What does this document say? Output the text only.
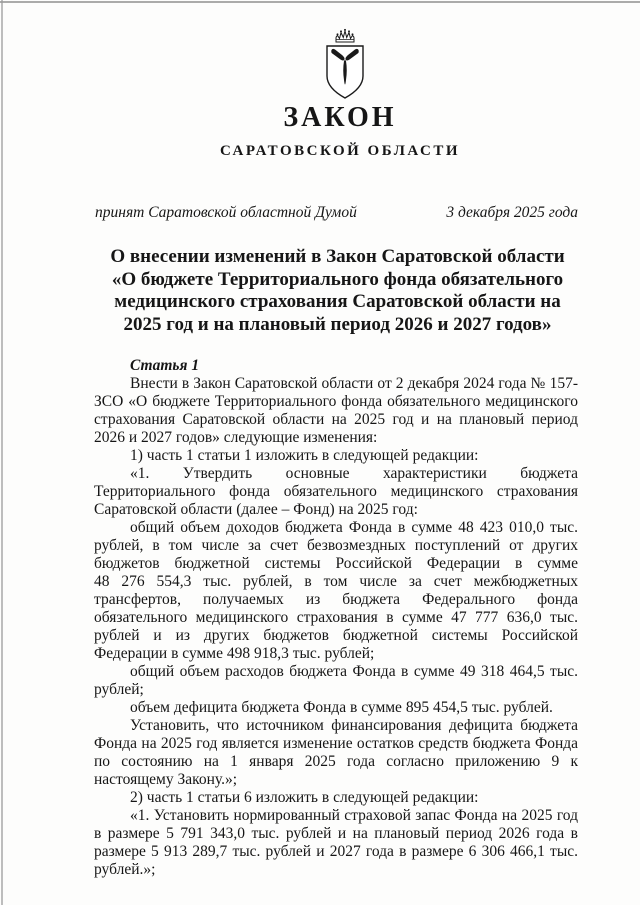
ЗАКОН
САРАТОВСКОЙ ОБЛАСТИ
принят Саратовской областной Думой	3 декабря 2025 года
О внесении изменений в Закон Саратовской области
«О бюджете Территориального фонда обязательного
медицинского страхования Саратовской области на
2025 год и на плановый период 2026 и 2027 годов»

Статья 1

Внести в Закон Саратовской области от 2 декабря 2024 года № 157-ЗСО «О бюджете Территориального фонда обязательного медицинского страхования Саратовской области на 2025 год и на плановый период 2026 и 2027 годов» следующие изменения:

1) часть 1 статьи 1 изложить в следующей редакции:

«1. Утвердить основные характеристики бюджета Территориального фонда обязательного медицинского страхования Саратовской области (далее – Фонд) на 2025 год:

общий объем доходов бюджета Фонда в сумме 48 423 010,0 тыс. рублей, в том числе за счет безвозмездных поступлений от других бюджетов бюджетной системы Российской Федерации в сумме 48 276 554,3 тыс. рублей, в том числе за счет межбюджетных трансфертов, получаемых из бюджета Федерального фонда обязательного медицинского страхования в сумме 47 777 636,0 тыс. рублей и из других бюджетов бюджетной системы Российской Федерации в сумме 498 918,3 тыс. рублей;

общий объем расходов бюджета Фонда в сумме 49 318 464,5 тыс. рублей;

объем дефицита бюджета Фонда в сумме 895 454,5 тыс. рублей.

Установить, что источником финансирования дефицита бюджета Фонда на 2025 год является изменение остатков средств бюджета Фонда по состоянию на 1 января 2025 года согласно приложению 9 к настоящему Закону.»;

2) часть 1 статьи 6 изложить в следующей редакции:

«1. Установить нормированный страховой запас Фонда на 2025 год в размере 5 791 343,0 тыс. рублей и на плановый период 2026 года в размере 5 913 289,7 тыс. рублей и 2027 года в размере 6 306 466,1 тыс. рублей.»;
